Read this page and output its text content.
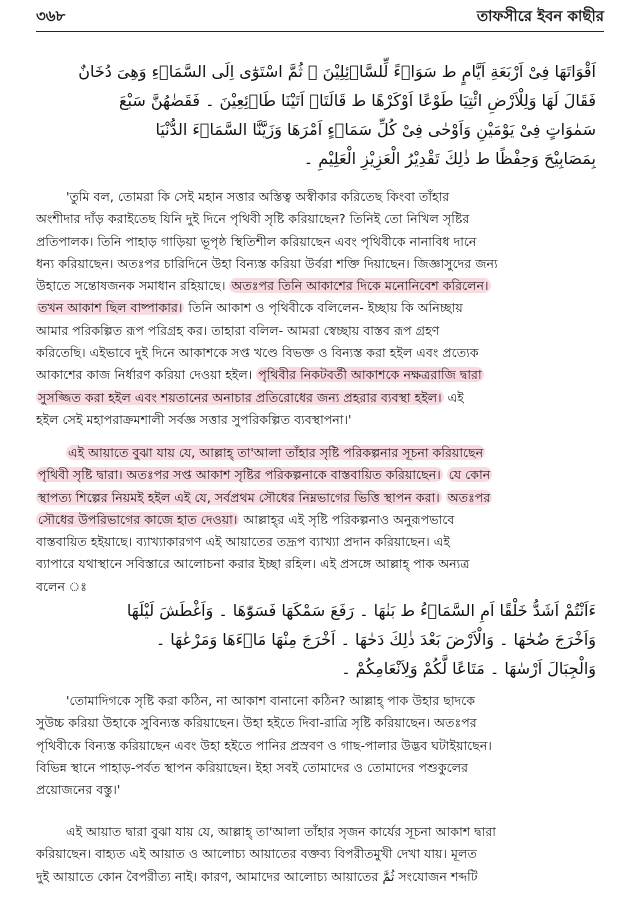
৩৬৮	তাফসীরে ইবন কাছীর
اَقْوَاتَهَا فِىْ اَرْبَعَةِ اَيَّامٍ ط سَوَاۤءً لِّلسَّاۤئِلِيْنَ ۔ ثُمَّ اسْتَوٰٓى اِلَى السَّمَاۤءِ وَهِىَ دُخَانٌ
فَقَالَ لَهَا وَلِلْاَرْضِ ائْتِيَا طَوْعًا اَوْكَرْهًا ط قَالَتَاۤ اَتَيْنَا طَاۤئِعِيْنَ ۔ فَقَضٰهُنَّ سَبْعَ
سَمٰوَاتٍ فِىْ يَوْمَيْنِ وَاَوْحٰى فِىْ كُلِّ سَمَاۤءٍ اَمْرَهَا وَزَيَّنَّا السَّمَاۤءَ الدُّنْيَا
بِمَصَابِيْحَ وَحِفْظًا ط ذٰلِكَ تَقْدِيْرُ الْعَزِيْزِ الْعَلِيْمِ ۔
'তুমি বল, তোমরা কি সেই মহান সত্তার অস্তিত্ব অস্বীকার করিতেছ কিংবা তাঁহার
অংশীদার দাঁড় করাইতেছ যিনি দুই দিনে পৃথিবী সৃষ্টি করিয়াছেন? তিনিই তো নিখিল সৃষ্টির
প্রতিপালক। তিনি পাহাড় গাড়িয়া ভূপৃষ্ঠ স্থিতিশীল করিয়াছেন এবং পৃথিবীকে নানাবিধ দানে
ধন্য করিয়াছেন। অতঃপর চারিদিনে উহা বিন্যস্ত করিয়া উর্বরা শক্তি দিয়াছেন। জিজ্ঞাসুদের জন্য
উহাতে সন্তোষজনক সমাধান রহিয়াছে। অতঃপর তিনি আকাশের দিকে মনোনিবেশ করিলেন।
তখন আকাশ ছিল বাষ্পাকার। তিনি আকাশ ও পৃথিবীকে বলিলেন- ইচ্ছায় কি অনিচ্ছায়
আমার পরিকল্পিত রূপ পরিগ্রহ কর। তাহারা বলিল- আমরা স্বেচ্ছায় বাস্তব রূপ গ্রহণ
করিতেছি। এইভাবে দুই দিনে আকাশকে সপ্ত খণ্ডে বিভক্ত ও বিন্যস্ত করা হইল এবং প্রত্যেক
আকাশের কাজ নির্ধারণ করিয়া দেওয়া হইল। পৃথিবীর নিকটবর্তী আকাশকে নক্ষত্ররাজি দ্বারা
সুসজ্জিত করা হইল এবং শয়তানের অনাচার প্রতিরোধের জন্য প্রহরার ব্যবস্থা হইল। এই
হইল সেই মহাপরাক্রমশালী সর্বজ্ঞ সত্তার সুপরিকল্পিত ব্যবস্থাপনা।'
এই আয়াতে বুঝা যায় যে, আল্লাহ্ তা'আলা তাঁহার সৃষ্টি পরিকল্পনার সূচনা করিয়াছেন
পৃথিবী সৃষ্টি দ্বারা। অতঃপর সপ্ত আকাশ সৃষ্টির পরিকল্পনাকে বাস্তবায়িত করিয়াছেন। যে কোন
স্থাপত্য শিল্পের নিয়মই হইল এই যে, সর্বপ্রথম সৌধের নিম্নভাগের ভিত্তি স্থাপন করা। অতঃপর
সৌধের উপরিভাগের কাজে হাত দেওয়া। আল্লাহ্‌র এই সৃষ্টি পরিকল্পনাও অনুরূপভাবে
বাস্তবায়িত হইয়াছে। ব্যাখ্যাকারগণ এই আয়াতের তদ্রূপ ব্যাখ্যা প্রদান করিয়াছেন। এই
ব্যাপারে যথাস্থানে সবিস্তারে আলোচনা করার ইচ্ছা রহিল। এই প্রসঙ্গে আল্লাহ্ পাক অন্যত্র
বলেন ঃ
ءَاَنْتُمْ اَشَدُّ خَلْقًا اَمِ السَّمَاۤءُ ط بَنٰهَا ۔ رَفَعَ سَمْكَهَا فَسَوّٰهَا ۔ وَاَغْطَشَ لَيْلَهَا
وَاَخْرَجَ ضُحٰهَا ۔ وَالْاَرْضَ بَعْدَ ذٰلِكَ دَحٰهَا ۔ اَخْرَجَ مِنْهَا مَاۤءَهَا وَمَرْعٰهَا ۔
وَالْجِبَالَ اَرْسٰهَا ۔ مَتَاعًا لَّكُمْ وَلِاَنْعَامِكُمْ ۔
'তোমাদিগকে সৃষ্টি করা কঠিন, না আকাশ বানানো কঠিন? আল্লাহ্ পাক উহার ছাদকে
সুউচ্চ করিয়া উহাকে সুবিন্যস্ত করিয়াছেন। উহা হইতে দিবা-রাত্রি সৃষ্টি করিয়াছেন। অতঃপর
পৃথিবীকে বিন্যস্ত করিয়াছেন এবং উহা হইতে পানির প্রস্রবণ ও গাছ-পালার উদ্ভব ঘটাইয়াছেন।
বিভিন্ন স্থানে পাহাড়-পর্বত স্থাপন করিয়াছেন। ইহা সবই তোমাদের ও তোমাদের পশুকুলের
প্রয়োজনের বস্তু।'
এই আয়াত দ্বারা বুঝা যায় যে, আল্লাহ্ তা'আলা তাঁহার সৃজন কার্যের সূচনা আকাশ দ্বারা
করিয়াছেন। বাহ্যত এই আয়াত ও আলোচ্য আয়াতের বক্তব্য বিপরীতমুখী দেখা যায়। মূলত
দুই আয়াতে কোন বৈপরীত্য নাই। কারণ, আমাদের আলোচ্য আয়াতের ثُمَّ সংযোজন শব্দটি
